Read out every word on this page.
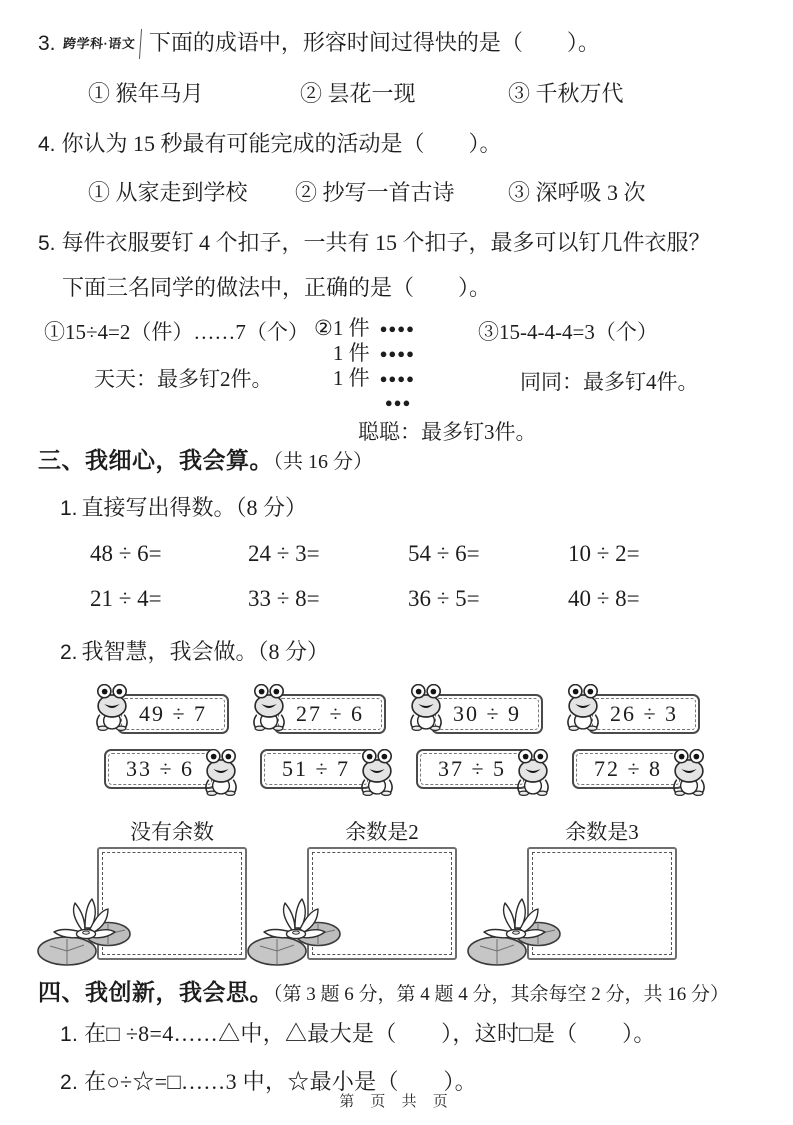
3. 跨学科·语文 下面的成语中，形容时间过得快的是（　　）。
① 猴年马月	② 昙花一现	③ 千秋万代
4. 你认为 15 秒最有可能完成的活动是（　　）。
① 从家走到学校	② 抄写一首古诗	③ 深呼吸 3 次
5. 每件衣服要钉 4 个扣子，一共有 15 个扣子，最多可以钉几件衣服？
下面三名同学的做法中，正确的是（　　）。
①15÷4=2（件）……7（个）
天天：最多钉2件。
② 1 件 ●●●●
1 件 ●●●●
1 件 ●●●●
●●●
聪聪：最多钉3件。
③15-4-4-4=3（个）
同同：最多钉4件。
三、我细心，我会算。（共 16 分）
1. 直接写出得数。（8 分）
48 ÷ 6=	24 ÷ 3=	54 ÷ 6=	10 ÷ 2=
21 ÷ 4=	33 ÷ 8=	36 ÷ 5=	40 ÷ 8=
2. 我智慧，我会做。（8 分）
49 ÷ 7	27 ÷ 6	30 ÷ 9	26 ÷ 3
33 ÷ 6	51 ÷ 7	37 ÷ 5	72 ÷ 8
没有余数	余数是2	余数是3
四、我创新，我会思。（第 3 题 6 分，第 4 题 4 分，其余每空 2 分，共 16 分）
1. 在□ ÷8=4……△中，△最大是（　　），这时□是（　　）。
2. 在○÷☆=□……3 中，☆最小是（　　）。
第 页 共 页
